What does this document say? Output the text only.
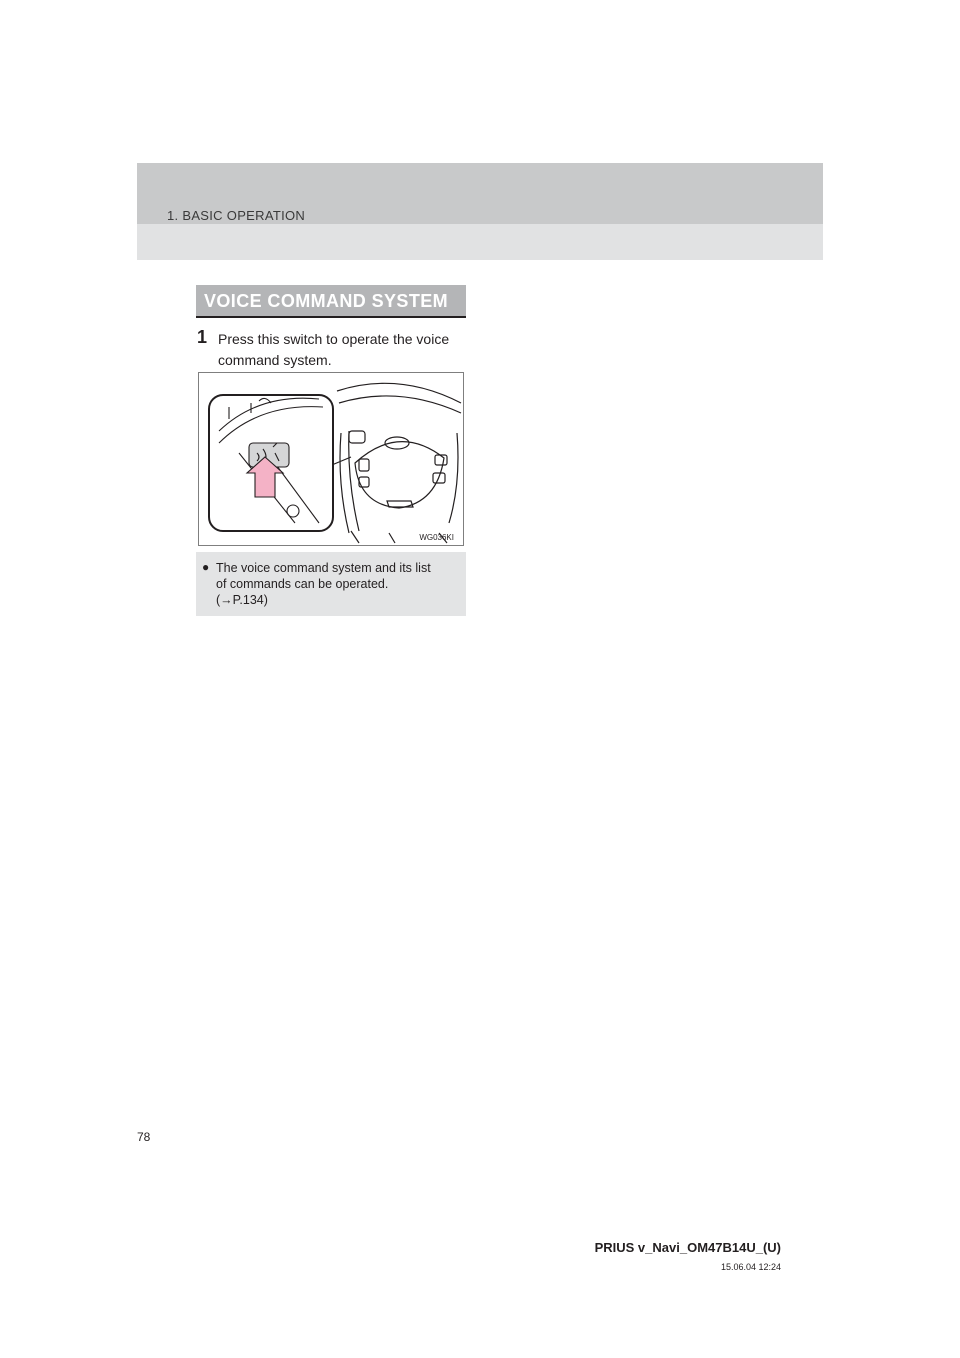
1. BASIC OPERATION
VOICE COMMAND SYSTEM
1 Press this switch to operate the voice
command system.
WG036KI
● The voice command system and its list
of commands can be operated.
(→P.134)
78
PRIUS v_Navi_OM47B14U_(U)
15.06.04 12:24
